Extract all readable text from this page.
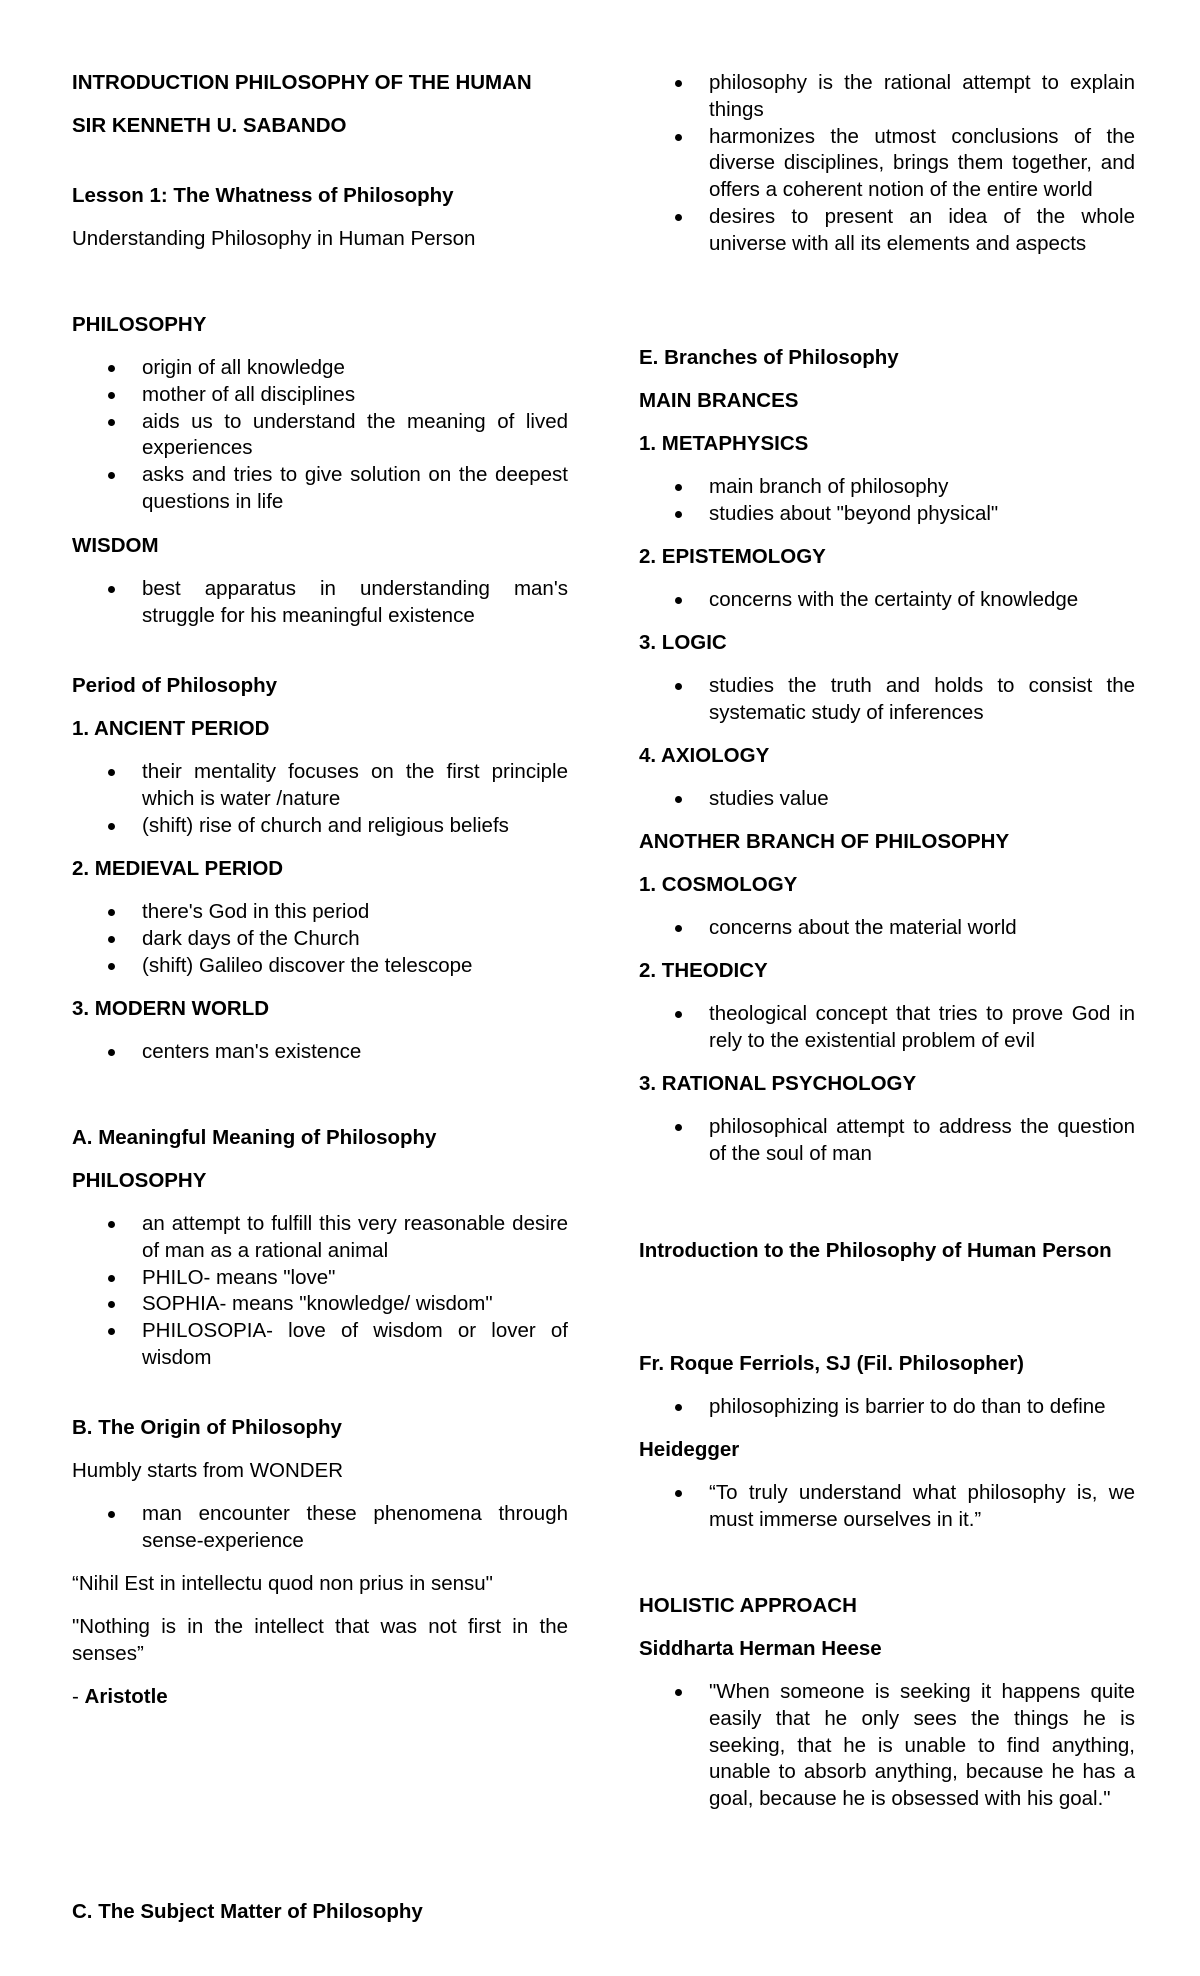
INTRODUCTION PHILOSOPHY OF THE HUMAN
SIR KENNETH U. SABANDO
Lesson 1: The Whatness of Philosophy
Understanding Philosophy in Human Person
PHILOSOPHY
origin of all knowledge
mother of all disciplines
aids us to understand the meaning of lived experiences
asks and tries to give solution on the deepest questions in life
WISDOM
best apparatus in understanding man's struggle for his meaningful existence
Period of Philosophy
1. ANCIENT PERIOD
their mentality focuses on the first principle which is water /nature
(shift) rise of church and religious beliefs
2. MEDIEVAL PERIOD
there's God in this period
dark days of the Church
(shift) Galileo discover the telescope
3. MODERN WORLD
centers man's existence
A. Meaningful Meaning of Philosophy
PHILOSOPHY
an attempt to fulfill this very reasonable desire of man as a rational animal
PHILO- means "love"
SOPHIA- means "knowledge/ wisdom"
PHILOSOPIA- love of wisdom or lover of wisdom
B. The Origin of Philosophy
Humbly starts from WONDER
man encounter these phenomena through sense-experience
“Nihil Est in intellectu quod non prius in sensu"
"Nothing is in the intellect that was not first in the senses”
- Aristotle
C. The Subject Matter of Philosophy
philosophy is the rational attempt to explain things
harmonizes the utmost conclusions of the diverse disciplines, brings them together, and offers a coherent notion of the entire world
desires to present an idea of the whole universe with all its elements and aspects
E. Branches of Philosophy
MAIN BRANCES
1. METAPHYSICS
main branch of philosophy
studies about "beyond physical"
2. EPISTEMOLOGY
concerns with the certainty of knowledge
3. LOGIC
studies the truth and holds to consist the systematic study of inferences
4. AXIOLOGY
studies value
ANOTHER BRANCH OF PHILOSOPHY
1. COSMOLOGY
concerns about the material world
2. THEODICY
theological concept that tries to prove God in rely to the existential problem of evil
3. RATIONAL PSYCHOLOGY
philosophical attempt to address the question of the soul of man
Introduction to the Philosophy of Human Person
Fr. Roque Ferriols, SJ (Fil. Philosopher)
philosophizing is barrier to do than to define
Heidegger
“To truly understand what philosophy is, we must immerse ourselves in it.”
HOLISTIC APPROACH
Siddharta Herman Heese
"When someone is seeking it happens quite easily that he only sees the things he is seeking, that he is unable to find anything, unable to absorb anything, because he has a goal, because he is obsessed with his goal."
